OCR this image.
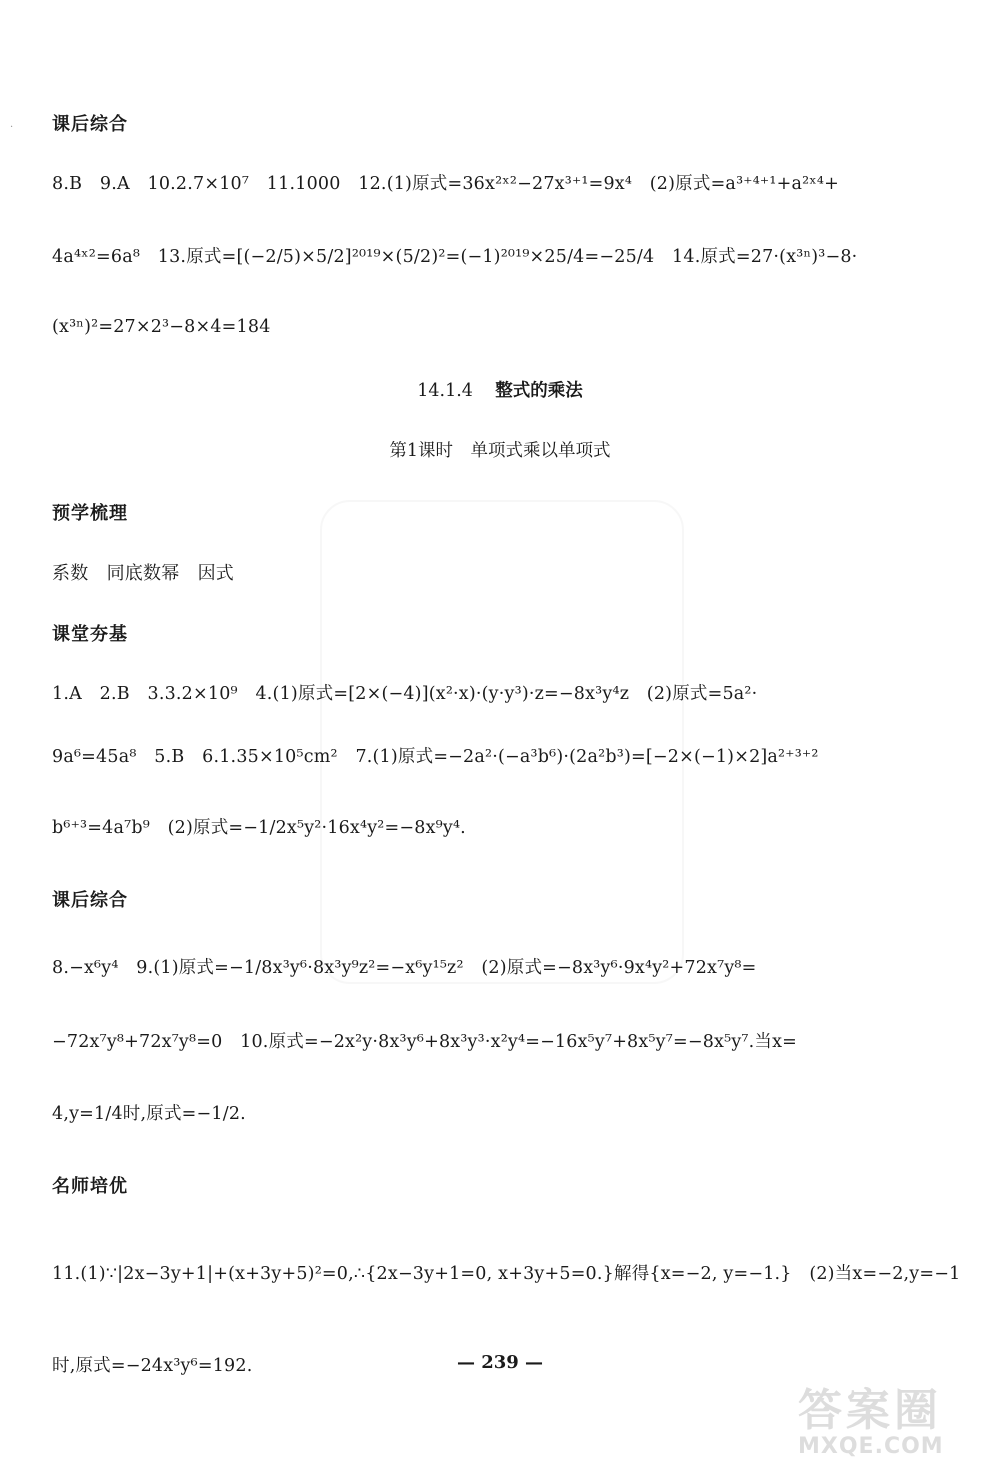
· 课后综合
8.B　9.A　10.2.7×10⁷　11.1000　12.(1)原式=36x²ˣ²−27x³⁺¹=9x⁴　(2)原式=a³⁺⁴⁺¹+a²ˣ⁴+
4a⁴ˣ²=6a⁸　13.原式=[(−2/5)×5/2]²⁰¹⁹×(5/2)²=(−1)²⁰¹⁹×25/4=−25/4　14.原式=27·(x³ⁿ)³−8·
(x³ⁿ)²=27×2³−8×4=184
14.1.4 整式的乘法
第1课时　单项式乘以单项式
预学梳理
系数　同底数幂　因式
课堂夯基
1.A　2.B　3.3.2×10⁹　4.(1)原式=[2×(−4)](x²·x)·(y·y³)·z=−8x³y⁴z　(2)原式=5a²·
9a⁶=45a⁸　5.B　6.1.35×10⁵cm²　7.(1)原式=−2a²·(−a³b⁶)·(2a²b³)=[−2×(−1)×2]a²⁺³⁺²
b⁶⁺³=4a⁷b⁹　(2)原式=−1/2x⁵y²·16x⁴y²=−8x⁹y⁴.
课后综合
8.−x⁶y⁴　9.(1)原式=−1/8x³y⁶·8x³y⁹z²=−x⁶y¹⁵z²　(2)原式=−8x³y⁶·9x⁴y²+72x⁷y⁸=
−72x⁷y⁸+72x⁷y⁸=0　10.原式=−2x²y·8x³y⁶+8x³y³·x²y⁴=−16x⁵y⁷+8x⁵y⁷=−8x⁵y⁷.当x=
4,y=1/4时,原式=−1/2.
名师培优
11.(1)∵|2x−3y+1|+(x+3y+5)²=0,∴{2x−3y+1=0, x+3y+5=0.}解得{x=−2, y=−1.}　(2)当x=−2,y=−1
时,原式=−24x³y⁶=192.	— 239 —
答案圈
MXQE.COM
